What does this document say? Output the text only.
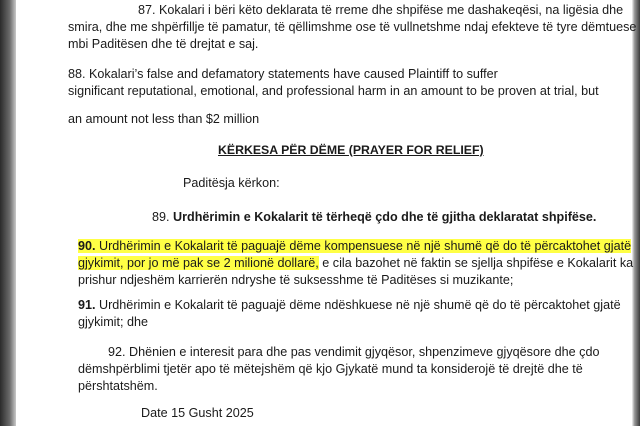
87. Kokalari i bëri këto deklarata të rreme dhe shpifëse me dashakeqësi, na ligësia dhe
smira, dhe me shpërfillje të pamatur, të qëllimshme ose të vullnetshme ndaj efekteve të tyre dëmtuese
mbi Paditësen dhe të drejtat e saj.
88. Kokalari’s false and defamatory statements have caused Plaintiff to suffer
significant reputational, emotional, and professional harm in an amount to be proven at trial, but
an amount not less than $2 million
KËRKESA PËR DËME (PRAYER FOR RELIEF)
Paditësja kërkon:
89. Urdhërimin e Kokalarit të tërheqë çdo dhe të gjitha deklaratat shpifëse.
90. Urdhërimin e Kokalarit të paguajë dëme kompensuese në një shumë që do të përcaktohet gjatë
gjykimit, por jo më pak se 2 milionë dollarë, e cila bazohet në faktin se sjellja shpifëse e Kokalarit ka
prishur ndjeshëm karrierën ndryshe të suksesshme të Paditëses si muzikante;
91. Urdhërimin e Kokalarit të paguajë dëme ndëshkuese në një shumë që do të përcaktohet gjatë
gjykimit; dhe
92. Dhënien e interesit para dhe pas vendimit gjyqësor, shpenzimeve gjyqësore dhe çdo
dëmshpërblimi tjetër apo të mëtejshëm që kjo Gjykatë mund ta konsiderojë të drejtë dhe të
përshtatshëm.
Date 15 Gusht 2025
